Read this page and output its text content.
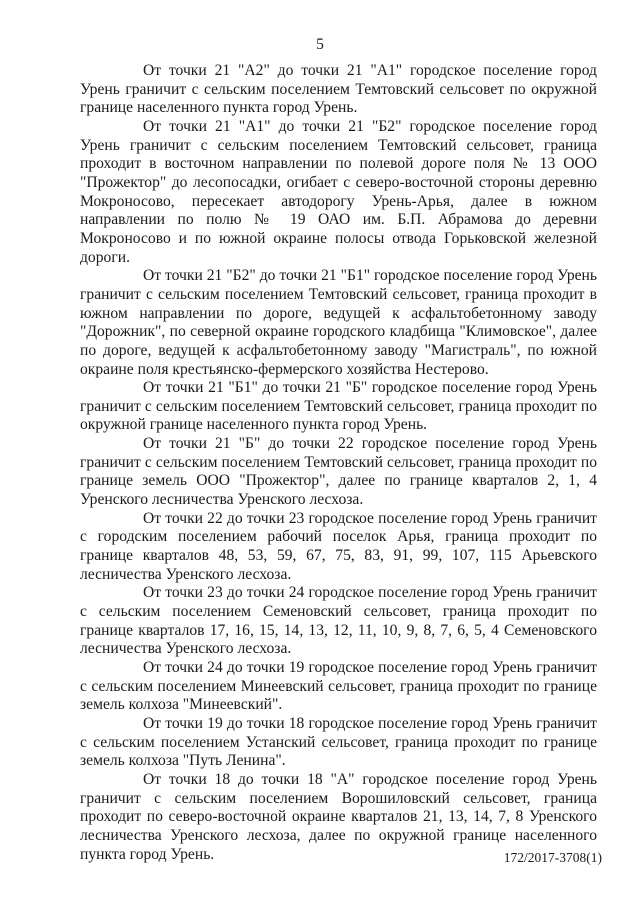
5

От точки 21 "А2" до точки 21 "А1" городское поселение город Урень граничит с сельским поселением Темтовский сельсовет по окружной границе населенного пункта город Урень.

От точки 21 "А1" до точки 21 "Б2" городское поселение город Урень граничит с сельским поселением Темтовский сельсовет, граница проходит в восточном направлении по полевой дороге поля № 13 ООО "Прожектор" до лесопосадки, огибает с северо-восточной стороны деревню Мокроносово, пересекает автодорогу Урень-Арья, далее в южном направлении по полю № 19 ОАО им. Б.П. Абрамова до деревни Мокроносово и по южной окраине полосы отвода Горьковской железной дороги.

От точки 21 "Б2" до точки 21 "Б1" городское поселение город Урень граничит с сельским поселением Темтовский сельсовет, граница проходит в южном направлении по дороге, ведущей к асфальтобетонному заводу "Дорожник", по северной окраине городского кладбища "Климовское", далее по дороге, ведущей к асфальтобетонному заводу "Магистраль", по южной окраине поля крестьянско-фермерского хозяйства Нестерово.

От точки 21 "Б1" до точки 21 "Б" городское поселение город Урень граничит с сельским поселением Темтовский сельсовет, граница проходит по окружной границе населенного пункта город Урень.

От точки 21 "Б" до точки 22 городское поселение город Урень граничит с сельским поселением Темтовский сельсовет, граница проходит по границе земель ООО "Прожектор", далее по границе кварталов 2, 1, 4 Уренского лесничества Уренского лесхоза.

От точки 22 до точки 23 городское поселение город Урень граничит с городским поселением рабочий поселок Арья, граница проходит по границе кварталов 48, 53, 59, 67, 75, 83, 91, 99, 107, 115 Арьевского лесничества Уренского лесхоза.

От точки 23 до точки 24 городское поселение город Урень граничит с сельским поселением Семеновский сельсовет, граница проходит по границе кварталов 17, 16, 15, 14, 13, 12, 11, 10, 9, 8, 7, 6, 5, 4 Семеновского лесничества Уренского лесхоза.

От точки 24 до точки 19 городское поселение город Урень граничит с сельским поселением Минеевский сельсовет, граница проходит по границе земель колхоза "Минеевский".

От точки 19 до точки 18 городское поселение город Урень граничит с сельским поселением Устанский сельсовет, граница проходит по границе земель колхоза "Путь Ленина".

От точки 18 до точки 18 "А" городское поселение город Урень граничит с сельским поселением Ворошиловский сельсовет, граница проходит по северо-восточной окраине кварталов 21, 13, 14, 7, 8 Уренского лесничества Уренского лесхоза, далее по окружной границе населенного пункта город Урень.	172/2017-3708(1)
